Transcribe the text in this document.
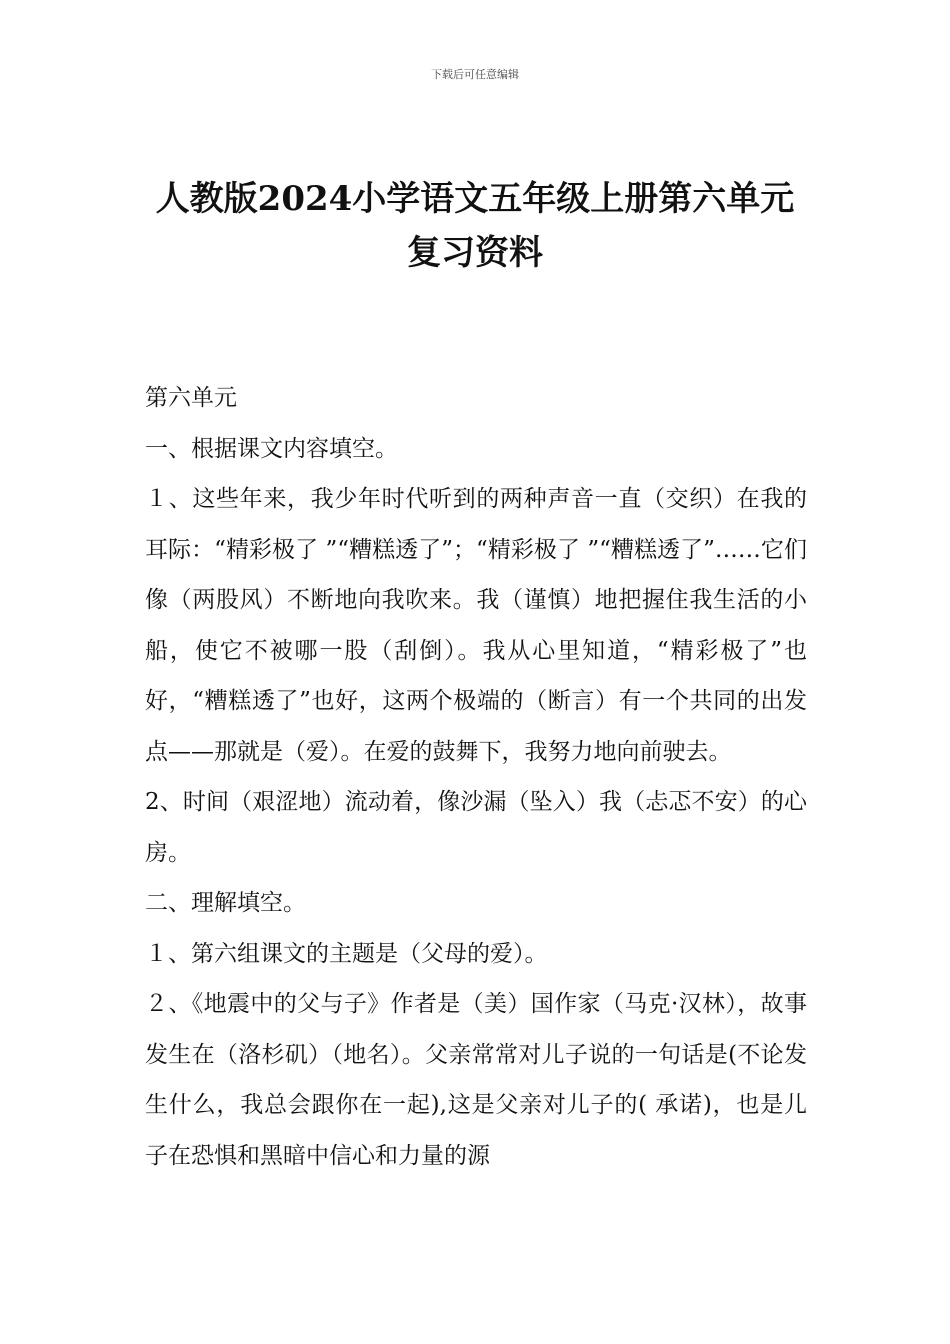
下载后可任意编辑
人教版2024小学语文五年级上册第六单元
复习资料

第六单元

一、根据课文内容填空。

１、这些年来，我少年时代听到的两种声音一直（交织）在我的耳际：“精彩极了 ”“糟糕透了”；“精彩极了 ”“糟糕透了”……它们像（两股风）不断地向我吹来。我（谨慎）地把握住我生活的小船，使它不被哪一股（刮倒）。我从心里知道，“精彩极了”也好，“糟糕透了”也好，这两个极端的（断言）有一个共同的出发点——那就是（爱）。在爱的鼓舞下，我努力地向前驶去。

2、时间（艰涩地）流动着，像沙漏（坠入）我（忐忑不安）的心房。

二、理解填空。

１、第六组课文的主题是（父母的爱）。

２、《地震中的父与子》作者是（美）国作家（马克·汉林），故事发生在（洛杉矶）（地名）。父亲常常对儿子说的一句话是(不论发生什么，我总会跟你在一起),这是父亲对儿子的( 承诺)，也是儿子在恐惧和黑暗中信心和力量的源
